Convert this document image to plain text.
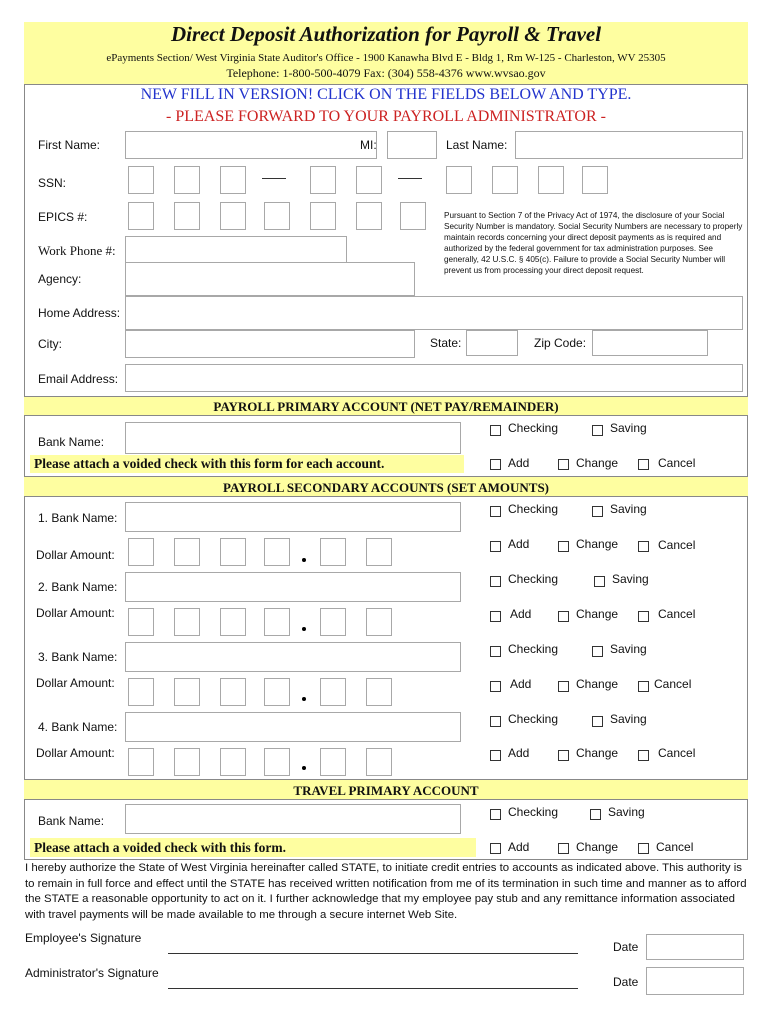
Direct Deposit Authorization for Payroll & Travel
ePayments Section/ West Virginia State Auditor's Office - 1900 Kanawha Blvd E - Bldg 1, Rm W-125 - Charleston, WV 25305
Telephone: 1-800-500-4079 Fax: (304) 558-4376 www.wvsao.gov
NEW FILL IN VERSION! CLICK ON THE FIELDS BELOW AND TYPE.
- PLEASE FORWARD TO YOUR PAYROLL ADMINISTRATOR -
First Name:	MI:	Last Name:
SSN:
EPICS #:	Pursuant to Section 7 of the Privacy Act of 1974, the disclosure of your Social Security Number is mandatory. Social Security Numbers are necessary to properly maintain records concerning your direct deposit payments as is required and authorized by the federal government for tax administration purposes. See generally, 42 U.S.C. § 405(c). Failure to provide a Social Security Number will prevent us from processing your direct deposit request.
Work Phone #:
Agency:
Home Address:
City:	State:	Zip Code:
Email Address:
PAYROLL PRIMARY ACCOUNT (NET PAY/REMAINDER)
Bank Name:
Checking	Saving
Please attach a voided check with this form for each account.	Add	Change	Cancel
PAYROLL SECONDARY ACCOUNTS (SET AMOUNTS)
1. Bank Name:
Checking	Saving
Dollar Amount:
Add	Change	Cancel
2. Bank Name:
Checking	Saving
Dollar Amount:	Add	Change	Cancel
3. Bank Name:
Checking	Saving
Dollar Amount:	Add	Change	Cancel
4. Bank Name:
Checking	Saving
Dollar Amount:	Add	Change	Cancel
TRAVEL PRIMARY ACCOUNT
Bank Name:
Checking	Saving
Please attach a voided check with this form.	Add	Change	Cancel
I hereby authorize the State of West Virginia hereinafter called STATE, to initiate credit entries to accounts as indicated above. This authority is to remain in full force and effect until the STATE has received written notification from me of its termination in such time and manner as to afford the STATE a reasonable opportunity to act on it. I further acknowledge that my employee pay stub and any remittance information associated with travel payments will be made available to me through a secure internet Web Site.
Employee's Signature
Date
Administrator's Signature
Date
